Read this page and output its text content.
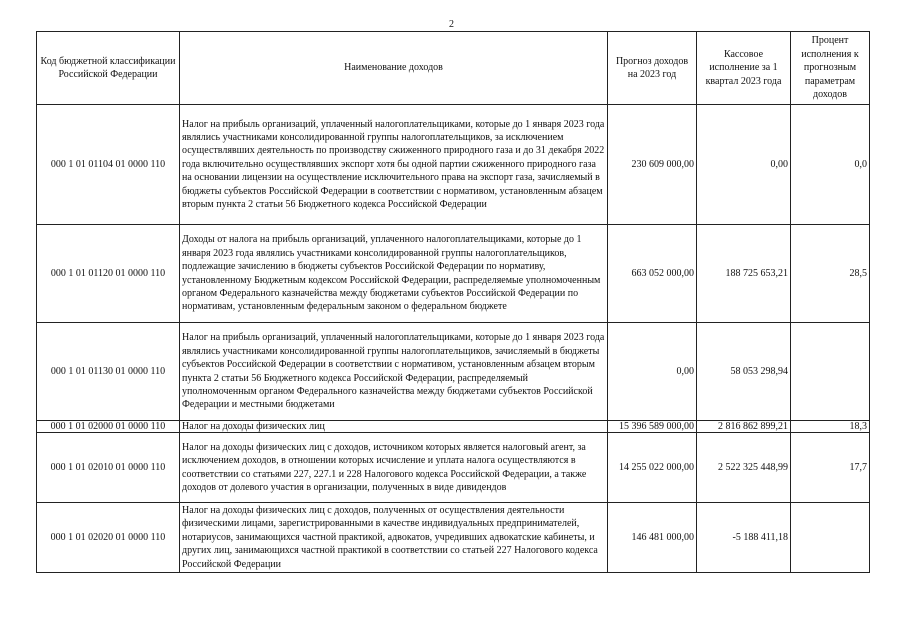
2
Код бюджетной классификации Российской Федерации	Наименование доходов	Прогноз доходов на 2023 год	Кассовое исполнение за 1 квартал 2023 года	Процент исполнения к прогнозным параметрам доходов
000 1 01 01104 01 0000 110	Налог на прибыль организаций, уплаченный налогоплательщиками, которые до 1 января 2023 года являлись участниками консолидированной группы налогоплательщиков, за исключением осуществлявших деятельность по производству сжиженного природного газа и до 31 декабря 2022 года включительно осуществлявших экспорт хотя бы одной партии сжиженного природного газа на основании лицензии на осуществление исключительного права на экспорт газа, зачисляемый в бюджеты субъектов Российской Федерации в соответствии с нормативом, установленным абзацем вторым пункта 2 статьи 56 Бюджетного кодекса Российской Федерации	230 609 000,00	0,00	0,0
000 1 01 01120 01 0000 110	Доходы от налога на прибыль организаций, уплаченного налогоплательщиками, которые до 1 января 2023 года являлись участниками консолидированной группы налогоплательщиков, подлежащие зачислению в бюджеты субъектов Российской Федерации по нормативу, установленному Бюджетным кодексом Российской Федерации, распределяемые уполномоченным органом Федерального казначейства между бюджетами субъектов Российской Федерации по нормативам, установленным федеральным законом о федеральном бюджете	663 052 000,00	188 725 653,21	28,5
000 1 01 01130 01 0000 110	Налог на прибыль организаций, уплаченный налогоплательщиками, которые до 1 января 2023 года являлись участниками консолидированной группы налогоплательщиков, зачисляемый в бюджеты субъектов Российской Федерации в соответствии с нормативом, установленным абзацем вторым пункта 2 статьи 56 Бюджетного кодекса Российской Федерации, распределяемый уполномоченным органом Федерального казначейства между бюджетами субъектов Российской Федерации и местными бюджетами	0,00	58 053 298,94	
000 1 01 02000 01 0000 110	Налог на доходы физических лиц	15 396 589 000,00	2 816 862 899,21	18,3
000 1 01 02010 01 0000 110	Налог на доходы физических лиц с доходов, источником которых является налоговый агент, за исключением доходов, в отношении которых исчисление и уплата налога осуществляются в соответствии со статьями 227, 227.1 и 228 Налогового кодекса Российской Федерации, а также доходов от долевого участия в организации, полученных в виде дивидендов	14 255 022 000,00	2 522 325 448,99	17,7
000 1 01 02020 01 0000 110	Налог на доходы физических лиц с доходов, полученных от осуществления деятельности физическими лицами, зарегистрированными в качестве индивидуальных предпринимателей, нотариусов, занимающихся частной практикой, адвокатов, учредивших адвокатские кабинеты, и других лиц, занимающихся частной практикой в соответствии со статьей 227 Налогового кодекса Российской Федерации	146 481 000,00	-5 188 411,18	
